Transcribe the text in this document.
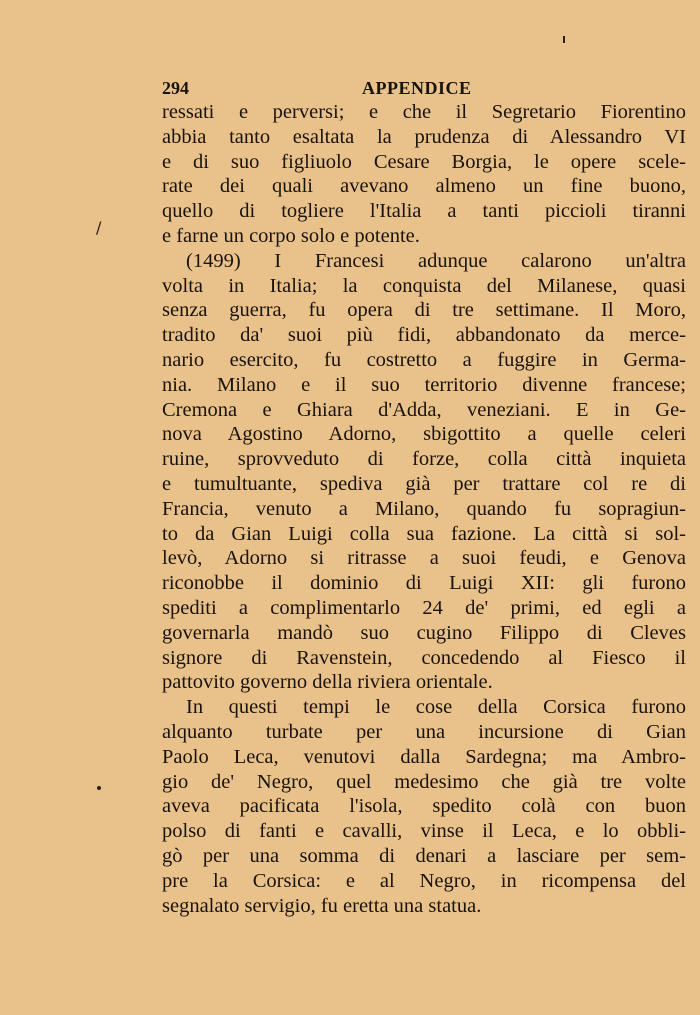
/
294	APPENDICE
ressati e perversi; e che il Segretario Fiorentino
abbia tanto esaltata la prudenza di Alessandro VI
e di suo figliuolo Cesare Borgia, le opere scele-
rate dei quali avevano almeno un fine buono,
quello di togliere l'Italia a tanti piccioli tiranni
e farne un corpo solo e potente.
(1499) I Francesi adunque calarono un'altra
volta in Italia; la conquista del Milanese, quasi
senza guerra, fu opera di tre settimane. Il Moro,
tradito da' suoi più fidi, abbandonato da merce-
nario esercito, fu costretto a fuggire in Germa-
nia. Milano e il suo territorio divenne francese;
Cremona e Ghiara d'Adda, veneziani. E in Ge-
nova Agostino Adorno, sbigottito a quelle celeri
ruine, sprovveduto di forze, colla città inquieta
e tumultuante, spediva già per trattare col re di
Francia, venuto a Milano, quando fu sopragiun-
to da Gian Luigi colla sua fazione. La città si sol-
levò, Adorno si ritrasse a suoi feudi, e Genova
riconobbe il dominio di Luigi XII: gli furono
spediti a complimentarlo 24 de' primi, ed egli a
governarla mandò suo cugino Filippo di Cleves
signore di Ravenstein, concedendo al Fiesco il
pattovito governo della riviera orientale.
In questi tempi le cose della Corsica furono
alquanto turbate per una incursione di Gian
Paolo Leca, venutovi dalla Sardegna; ma Ambro-
gio de' Negro, quel medesimo che già tre volte
aveva pacificata l'isola, spedito colà con buon
polso di fanti e cavalli, vinse il Leca, e lo obbli-
gò per una somma di denari a lasciare per sem-
pre la Corsica: e al Negro, in ricompensa del
segnalato servigio, fu eretta una statua.
